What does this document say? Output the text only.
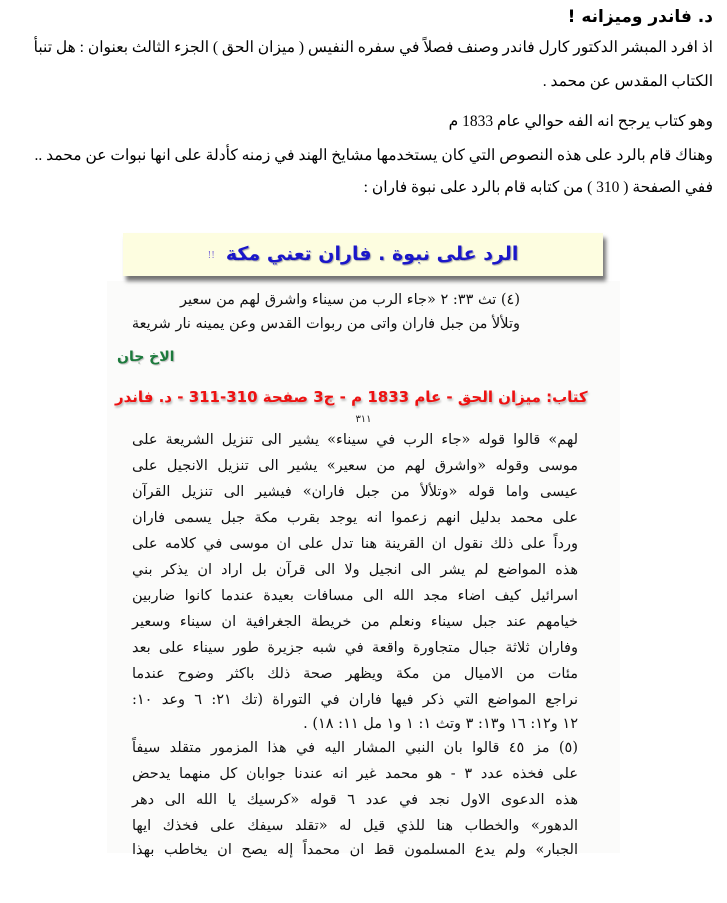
د. فاندر وميزانه !

اذ افرد المبشر الدكتور كارل فاندر وصنف فصلاً في سفره النفيس ( ميزان الحق ) الجزء الثالث بعنوان : هل تنبأ

الكتاب المقدس عن محمد .

وهو كتاب يرجح انه الفه حوالي عام 1833 م

وهناك قام بالرد على هذه النصوص التي كان يستخدمها مشايخ الهند في زمنه كأدلة على انها نبوات عن محمد ..

ففي الصفحة ( 310 ) من كتابه قام بالرد على نبوة فاران :

(٤) تث ٣٣: ٢ «جاء الرب من سيناء واشرق لهم من سعير
وتلألأ من جبل فاران واتى من ربوات القدس وعن يمينه نار شريعة
الاخ جان
كتاب: ميزان الحق - عام 1833 م - ج3 صفحة 310-311 - د. فاندر
٣١١
لهم» قالوا قوله «جاء الرب في سيناء» يشير الى تنزيل الشريعة على
موسى وقوله «واشرق لهم من سعير» يشير الى تنزيل الانجيل على
عيسى واما قوله «وتلألأ من جبل فاران» فيشير الى تنزيل القرآن
على محمد بدليل انهم زعموا انه يوجد بقرب مكة جبل يسمى فاران
ورداً على ذلك نقول ان القرينة هنا تدل على ان موسى في كلامه على
هذه المواضع لم يشر الى انجيل ولا الى قرآن بل اراد ان يذكر بني
اسرائيل كيف اضاء مجد الله الى مسافات بعيدة عندما كانوا ضاربين
خيامهم عند جبل سيناء ونعلم من خريطة الجغرافية ان سيناء وسعير
وفاران ثلاثة جبال متجاورة واقعة في شبه جزيرة طور سيناء على بعد
مئات من الاميال من مكة ويظهر صحة ذلك باكثر وضوح عندما
نراجع المواضع التي ذكر فيها فاران في التوراة (تك ٢١: ٦ وعد ١٠:
١٢ و١٢: ١٦ و١٣: ٣ وتث ١: ١ و١ مل ١١: ١٨) .
(٥) مز ٤٥ قالوا بان النبي المشار اليه في هذا المزمور متقلد سيفاً
على فخذه عدد ٣ - هو محمد غير انه عندنا جوابان كل منهما يدحض
هذه الدعوى الاول نجد في عدد ٦ قوله «كرسيك يا الله الى دهر
الدهور» والخطاب هنا للذي قيل له «تقلد سيفك على فخذك ايها
الجبار» ولم يدع المسلمون قط ان محمداً إله يصح ان يخاطب بهذا
الرد على نبوة . فاران تعني مكة !!
